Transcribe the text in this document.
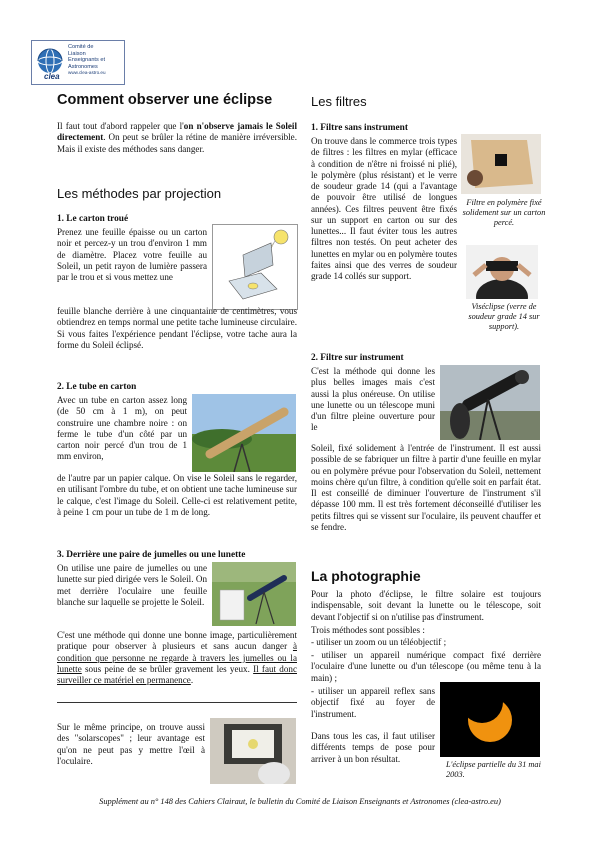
clea
Comité de
Liaison
Enseignants et
Astronomes
www.clea-astro.eu
Comment observer une éclipse

Il faut tout d'abord rappeler que l'on n'observe jamais le Soleil directement. On peut se brûler la rétine de manière irréversible. Mais il existe des méthodes sans danger.

Les méthodes par projection
1. Le carton troué

Prenez une feuille épaisse ou un carton noir et percez-y un trou d'environ 1 mm de diamètre. Placez votre feuille au Soleil, un petit rayon de lumière passera par le trou et si vous mettez une

feuille blanche derrière à une cinquantaine de centimètres, vous obtiendrez en temps normal une petite tache lumineuse circulaire. Si vous faites l'expérience pendant l'éclipse, votre tache aura la forme du Soleil éclipsé.

2. Le tube en carton

Avec un tube en carton assez long (de 50 cm à 1 m), on peut construire une chambre noire : on ferme le tube d'un côté par un carton noir percé d'un trou de 1 mm environ,

de l'autre par un papier calque. On vise le Soleil sans le regarder, en utilisant l'ombre du tube, et on obtient une tache lumineuse sur le calque, c'est l'image du Soleil. Celle-ci est relativement petite, à peine 1 cm pour un tube de 1 m de long.

3. Derrière une paire de jumelles ou une lunette

On utilise une paire de jumelles ou une lunette sur pied dirigée vers le Soleil. On met derrière l'oculaire une feuille blanche sur laquelle se projette le Soleil.

C'est une méthode qui donne une bonne image, particulièrement pratique pour observer à plusieurs et sans aucun danger à condition que personne ne regarde à travers les jumelles ou la lunette sous peine de se brûler gravement les yeux. Il faut donc surveiller ce matériel en permanence.

Sur le même principe, on trouve aussi des "solarscopes" ; leur avantage est qu'on ne peut pas y mettre l'œil à l'oculaire.

Les filtres
1. Filtre sans instrument

On trouve dans le commerce trois types de filtres : les filtres en mylar (efficace à condition de n'être ni froissé ni plié), le polymère (plus résistant) et le verre de soudeur grade 14 (qui a l'avantage de pouvoir être utilisé de longues années). Ces filtres peuvent être fixés sur un support en carton ou sur des lunettes... Il faut éviter tous les autres filtres non testés. On peut acheter des lunettes en mylar ou en polymère toutes faites ainsi que des verres de soudeur grade 14 collés sur support.

Filtre en polymère fixé solidement sur un carton percé.
Viséclipse (verre de soudeur grade 14 sur support).
2. Filtre sur instrument

C'est la méthode qui donne les plus belles images mais c'est aussi la plus onéreuse. On utilise une lunette ou un télescope muni d'un filtre pleine ouverture pour le

Soleil, fixé solidement à l'entrée de l'instrument. Il est aussi possible de se fabriquer un filtre à partir d'une feuille en mylar ou en polymère prévue pour l'observation du Soleil, nettement moins chère qu'un filtre, à condition qu'elle soit en parfait état. Il est conseillé de diminuer l'ouverture de l'instrument s'il dépasse 100 mm. Il est très fortement déconseillé d'utiliser les petits filtres qui se vissent sur l'oculaire, ils peuvent chauffer et se fendre.

La photographie

Pour la photo d'éclipse, le filtre solaire est toujours indispensable, soit devant la lunette ou le télescope, soit devant l'objectif si on n'utilise pas d'instrument.

Trois méthodes sont possibles :

- utiliser un zoom ou un téléobjectif ;

- utiliser un appareil numérique compact fixé derrière l'oculaire d'une lunette ou d'un télescope (ou même tenu à la main) ;

- utiliser un appareil reflex sans objectif fixé au foyer de l'instrument.

Dans tous les cas, il faut utiliser différents temps de pose pour arriver à un bon résultat.

L'éclipse partielle du 31 mai 2003.
Supplément au n° 148 des Cahiers Clairaut, le bulletin du Comité de Liaison Enseignants et Astronomes (clea-astro.eu)
